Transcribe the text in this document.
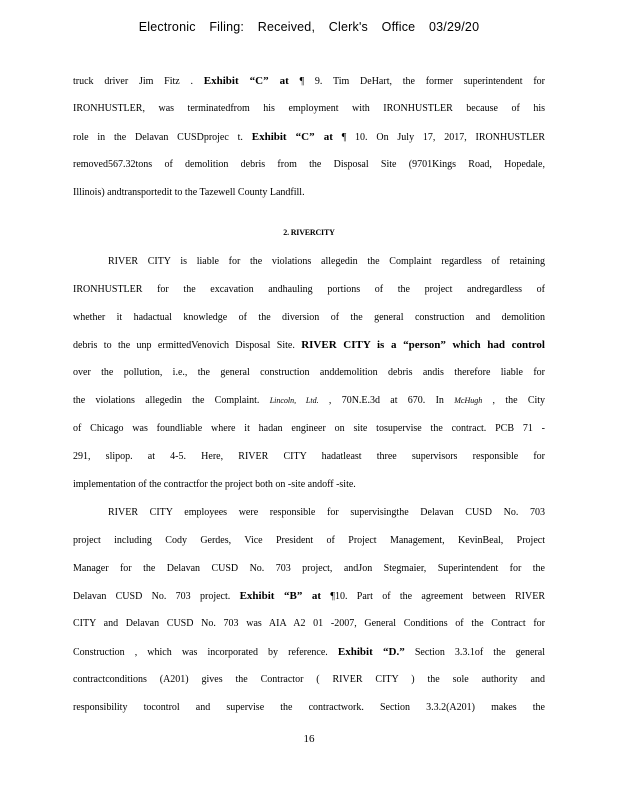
Electronic Filing: Received, Clerk's Office 03/29/20
truck driver Jim Fitz . Exhibit “C” at ¶ 9. Tim DeHart, the former superintendent for
IRONHUSTLER, was terminatedfrom his employment with IRONHUSTLER because of his
role in the Delavan CUSDprojec t. Exhibit “C” at ¶ 10. On July 17, 2017, IRONHUSTLER
removed567.32tons of demolition debris from the Disposal Site (9701Kings Road, Hopedale,
Illinois) andtransportedit to the Tazewell County Landfill.
2. RIVERCITY
RIVER CITY is liable for the violations allegedin the Complaint regardless of retaining
IRONHUSTLER for the excavation andhauling portions of the project andregardless of
whether it hadactual knowledge of the diversion of the general construction and demolition
debris to the unp ermittedVenovich Disposal Site. RIVER CITY is a “person” which had control
over the pollution, i.e., the general construction anddemolition debris andis therefore liable for
the violations allegedin the Complaint. Lincoln, Ltd. , 70N.E.3d at 670. In McHugh , the City
of Chicago was foundliable where it hadan engineer on site tosupervise the contract. PCB 71 -
291, slipop. at 4-5. Here, RIVER CITY hadatleast three supervisors responsible for
implementation of the contractfor the project both on -site andoff -site.
RIVER CITY employees were responsible for supervisingthe Delavan CUSD No. 703
project including Cody Gerdes, Vice President of Project Management, KevinBeal, Project
Manager for the Delavan CUSD No. 703 project, andJon Stegmaier, Superintendent for the
Delavan CUSD No. 703 project. Exhibit “B” at ¶10. Part of the agreement between RIVER
CITY and Delavan CUSD No. 703 was AIA A2 01 -2007, General Conditions of the Contract for
Construction , which was incorporated by reference. Exhibit “D.” Section 3.3.1of the general
contractconditions (A201) gives the Contractor ( RIVER CITY ) the sole authority and
responsibility tocontrol and supervise the contractwork. Section 3.3.2(A201) makes the
16
